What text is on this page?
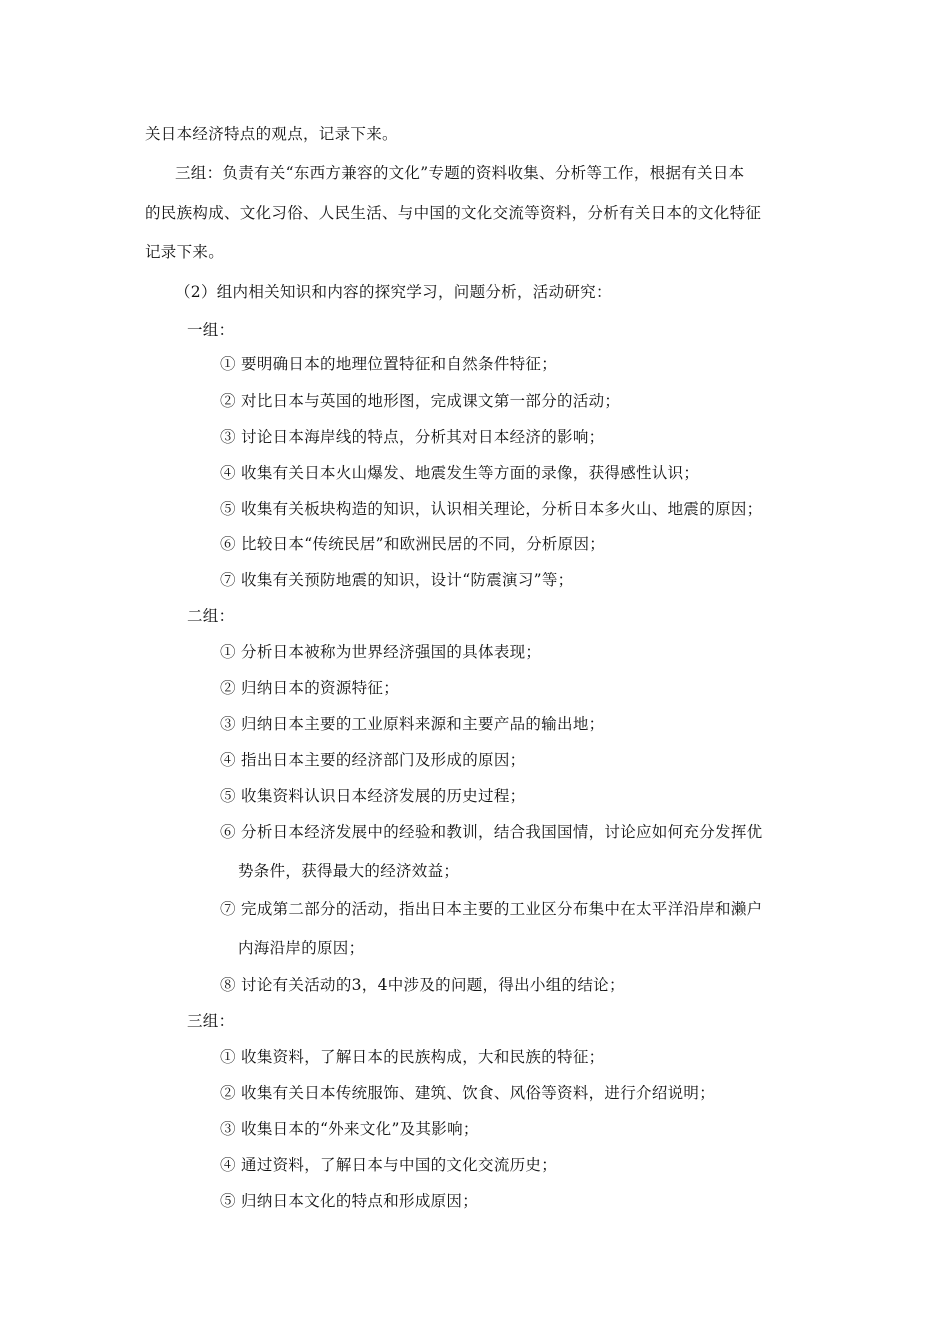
关日本经济特点的观点，记录下来。
三组：负责有关“东西方兼容的文化”专题的资料收集、分析等工作，根据有关日本
的民族构成、文化习俗、人民生活、与中国的文化交流等资料，分析有关日本的文化特征
记录下来。
（2）组内相关知识和内容的探究学习，问题分析，活动研究：
一组：
① 要明确日本的地理位置特征和自然条件特征；
② 对比日本与英国的地形图，完成课文第一部分的活动；
③ 讨论日本海岸线的特点，分析其对日本经济的影响；
④ 收集有关日本火山爆发、地震发生等方面的录像，获得感性认识；
⑤ 收集有关板块构造的知识，认识相关理论，分析日本多火山、地震的原因；
⑥ 比较日本“传统民居”和欧洲民居的不同，分析原因；
⑦ 收集有关预防地震的知识，设计“防震演习”等；
二组：
① 分析日本被称为世界经济强国的具体表现；
② 归纳日本的资源特征；
③ 归纳日本主要的工业原料来源和主要产品的输出地；
④ 指出日本主要的经济部门及形成的原因；
⑤ 收集资料认识日本经济发展的历史过程；
⑥ 分析日本经济发展中的经验和教训，结合我国国情，讨论应如何充分发挥优
势条件，获得最大的经济效益；
⑦ 完成第二部分的活动，指出日本主要的工业区分布集中在太平洋沿岸和濑户
内海沿岸的原因；
⑧ 讨论有关活动的3，4中涉及的问题，得出小组的结论；
三组：
① 收集资料，了解日本的民族构成，大和民族的特征；
② 收集有关日本传统服饰、建筑、饮食、风俗等资料，进行介绍说明；
③ 收集日本的“外来文化”及其影响；
④ 通过资料，了解日本与中国的文化交流历史；
⑤ 归纳日本文化的特点和形成原因；
